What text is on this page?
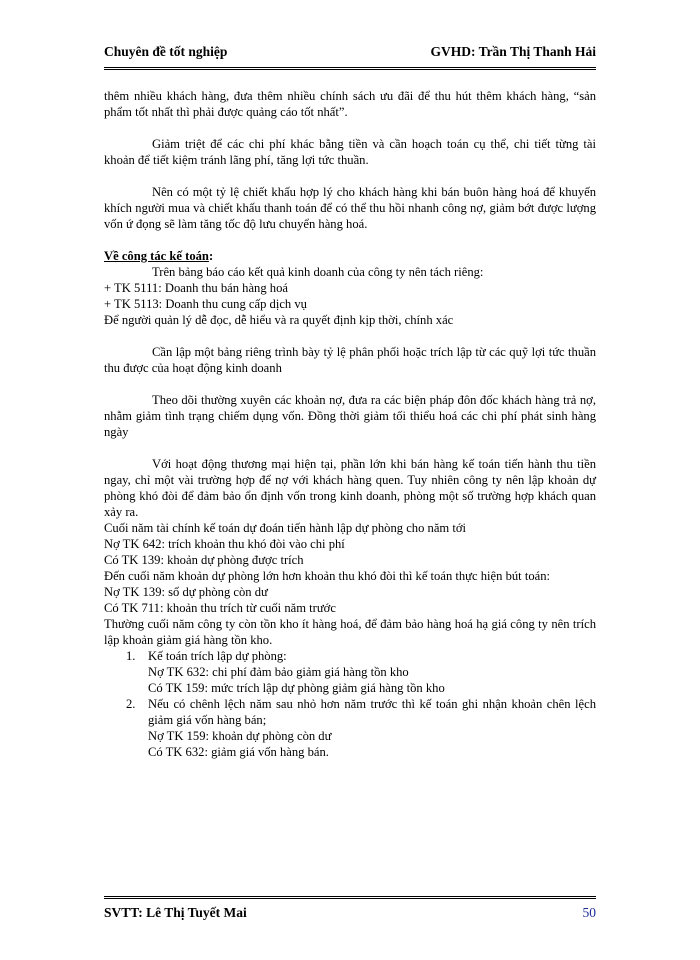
Chuyên đề tốt nghiệp	GVHD: Trần Thị Thanh Hải

thêm nhiều khách hàng, đưa thêm nhiều chính sách ưu đãi để thu hút thêm khách hàng, “sản phẩm tốt nhất thì phải được quảng cáo tốt nhất”.

Giảm triệt để các chi phí khác bằng tiền và cần hoạch toán cụ thể, chi tiết từng tài khoản để tiết kiệm tránh lãng phí, tăng lợi tức thuần.

Nên có một tỷ lệ chiết khấu hợp lý cho khách hàng khi bán buôn hàng hoá để khuyến khích người mua và chiết khấu thanh toán để có thể thu hồi nhanh công nợ, giảm bớt được lượng vốn ứ đọng sẽ làm tăng tốc độ lưu chuyển hàng hoá.

Về công tác kế toán:

Trên bảng báo cáo kết quả kinh doanh của công ty nên tách riêng:

+ TK 5111: Doanh thu bán hàng hoá

+ TK 5113: Doanh thu cung cấp dịch vụ

Để người quản lý dễ đọc, dễ hiểu và ra quyết định kịp thời, chính xác

Cần lập một bảng riêng trình bày tỷ lệ phân phối hoặc trích lập từ các quỹ lợi tức thuần thu được của hoạt động kinh doanh

Theo dõi thường xuyên các khoản nợ, đưa ra các biện pháp đôn đốc khách hàng trả nợ, nhằm giảm tình trạng chiếm dụng vốn. Đồng thời giảm tối thiểu hoá các chi phí phát sinh hàng ngày

Với hoạt động thương mại hiện tại, phần lớn khi bán hàng kế toán tiến hành thu tiền ngay, chỉ một vài trường hợp để nợ với khách hàng quen. Tuy nhiên công ty nên lập khoản dự phòng khó đòi để đảm bảo ổn định vốn trong kinh doanh, phòng một số trường hợp khách quan xảy ra.

Cuối năm tài chính kế toán dự đoán tiến hành lập dự phòng cho năm tới

Nợ TK 642: trích khoản thu khó đòi vào chi phí

Có TK 139: khoản dự phòng được trích

Đến cuối năm khoản dự phòng lớn hơn khoản thu khó đòi thì kế toán thực hiện bút toán:

Nợ TK 139: số dự phòng còn dư

Có TK 711: khoản thu trích từ cuối năm trước

Thường cuối năm công ty còn tồn kho ít hàng hoá, để đảm bảo hàng hoá hạ giá công ty nên trích lập khoản giảm giá hàng tồn kho.

1. Kế toán trích lập dự phòng:

Nợ TK 632: chi phí đảm bảo giảm giá hàng tồn kho

Có TK 159: mức trích lập dự phòng giảm giá hàng tồn kho

2. Nếu có chênh lệch năm sau nhỏ hơn năm trước thì kế toán ghi nhận khoản chên lệch giảm giá vốn hàng bán;

Nợ TK 159: khoản dự phòng còn dư

Có TK 632: giảm giá vốn hàng bán.

SVTT: Lê Thị Tuyết Mai	50
